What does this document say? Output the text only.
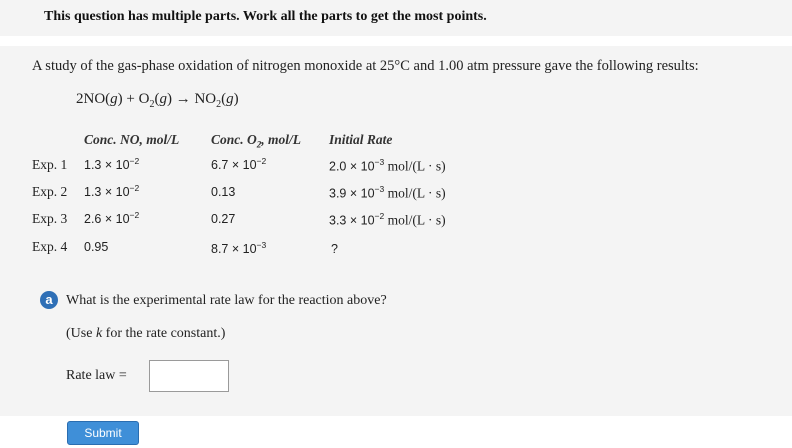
This question has multiple parts. Work all the parts to get the most points.
A study of the gas-phase oxidation of nitrogen monoxide at 25°C and 1.00 atm pressure gave the following results:
$2NO(g) + O_2(g) \to NO_2(g)$
Conc. NO, mol/L Conc. $O_2$, mol/L Initial Rate
Exp. 1 $1.3 \times 10^{-2}$	$6.7 \times 10^{-2}$	$2.0 \times 10^{-3}$ mol/(L · s)
Exp. 2 $1.3 \times 10^{-2}$	0.13	$3.9 \times 10^{-3}$ mol/(L · s)
Exp. 3 $2.6 \times 10^{-2}$	0.27	$3.3 \times 10^{-2}$ mol/(L · s)
Exp. 4 0.95	$8.7 \times 10^{-3}$	?
a What is the experimental rate law for the reaction above?
(Use k for the rate constant.)
Rate law =
Submit
